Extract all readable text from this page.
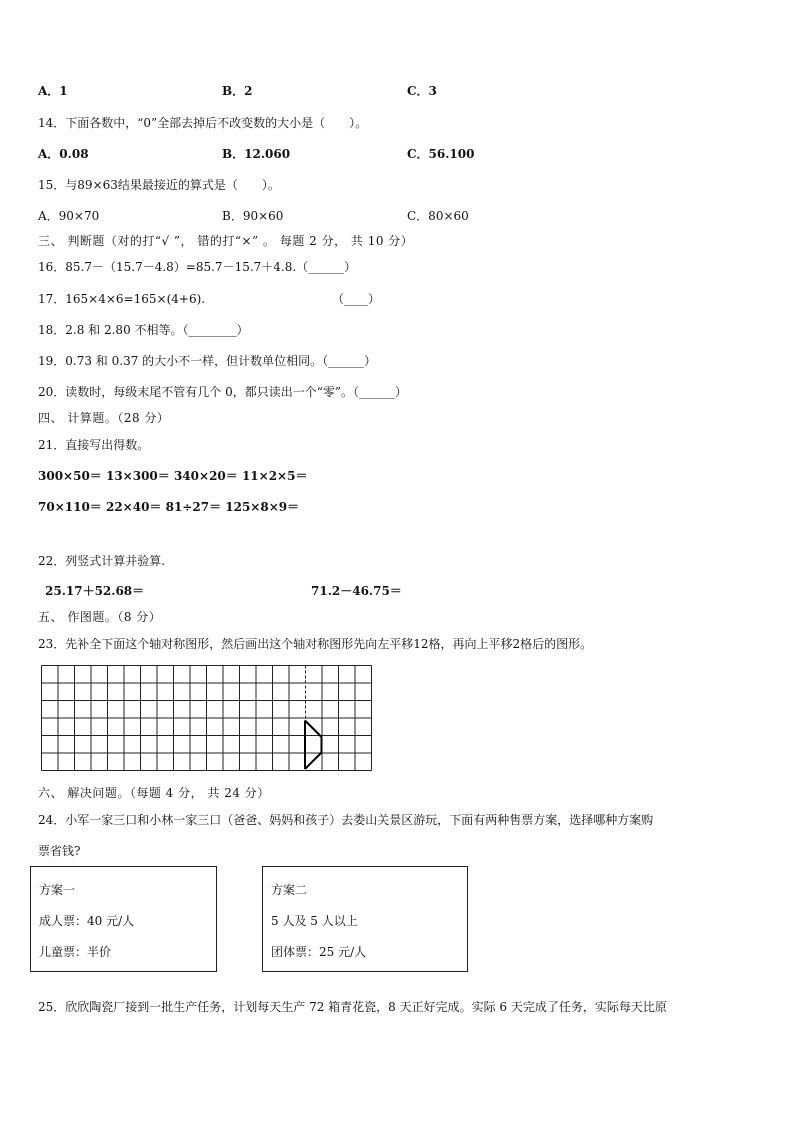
A．1	B．2	C．3
14．下面各数中，“0”全部去掉后不改变数的大小是（　　）。
A．0.08	B．12.060	C．56.100
15．与89×63结果最接近的算式是（　　）。
A．90×70	B．90×60	C．80×60
三、 判断题（对的打“√ ”， 错的打“×” 。 每题 2 分， 共 10 分）
16．85.7－（15.7－4.8）=85.7－15.7＋4.8.（______）
17．165×4×6=165×(4+6).	（____）
18．2.8 和 2.80 不相等。（________）
19．0.73 和 0.37 的大小不一样，但计数单位相同。（______）
20．读数时，每级末尾不管有几个 0，都只读出一个“零”。（______）
四、 计算题。（28 分）
21．直接写出得数。
300×50＝ 13×300＝ 340×20＝ 11×2×5＝
70×110＝ 22×40＝ 81÷27＝ 125×8×9＝
22．列竖式计算并验算.
25.17＋52.68＝	71.2－46.75＝
五、 作图题。（8 分）
23．先补全下面这个轴对称图形，然后画出这个轴对称图形先向左平移12格，再向上平移2格后的图形。
六、 解决问题。（每题 4 分， 共 24 分）
24．小军一家三口和小林一家三口（爸爸、妈妈和孩子）去娄山关景区游玩，下面有两种售票方案，选择哪种方案购
票省钱?
方案一
成人票：40 元/人
儿童票：半价
方案二
5 人及 5 人以上
团体票：25 元/人
25．欣欣陶瓷厂接到一批生产任务，计划每天生产 72 箱青花瓷，8 天正好完成。实际 6 天完成了任务，实际每天比原
